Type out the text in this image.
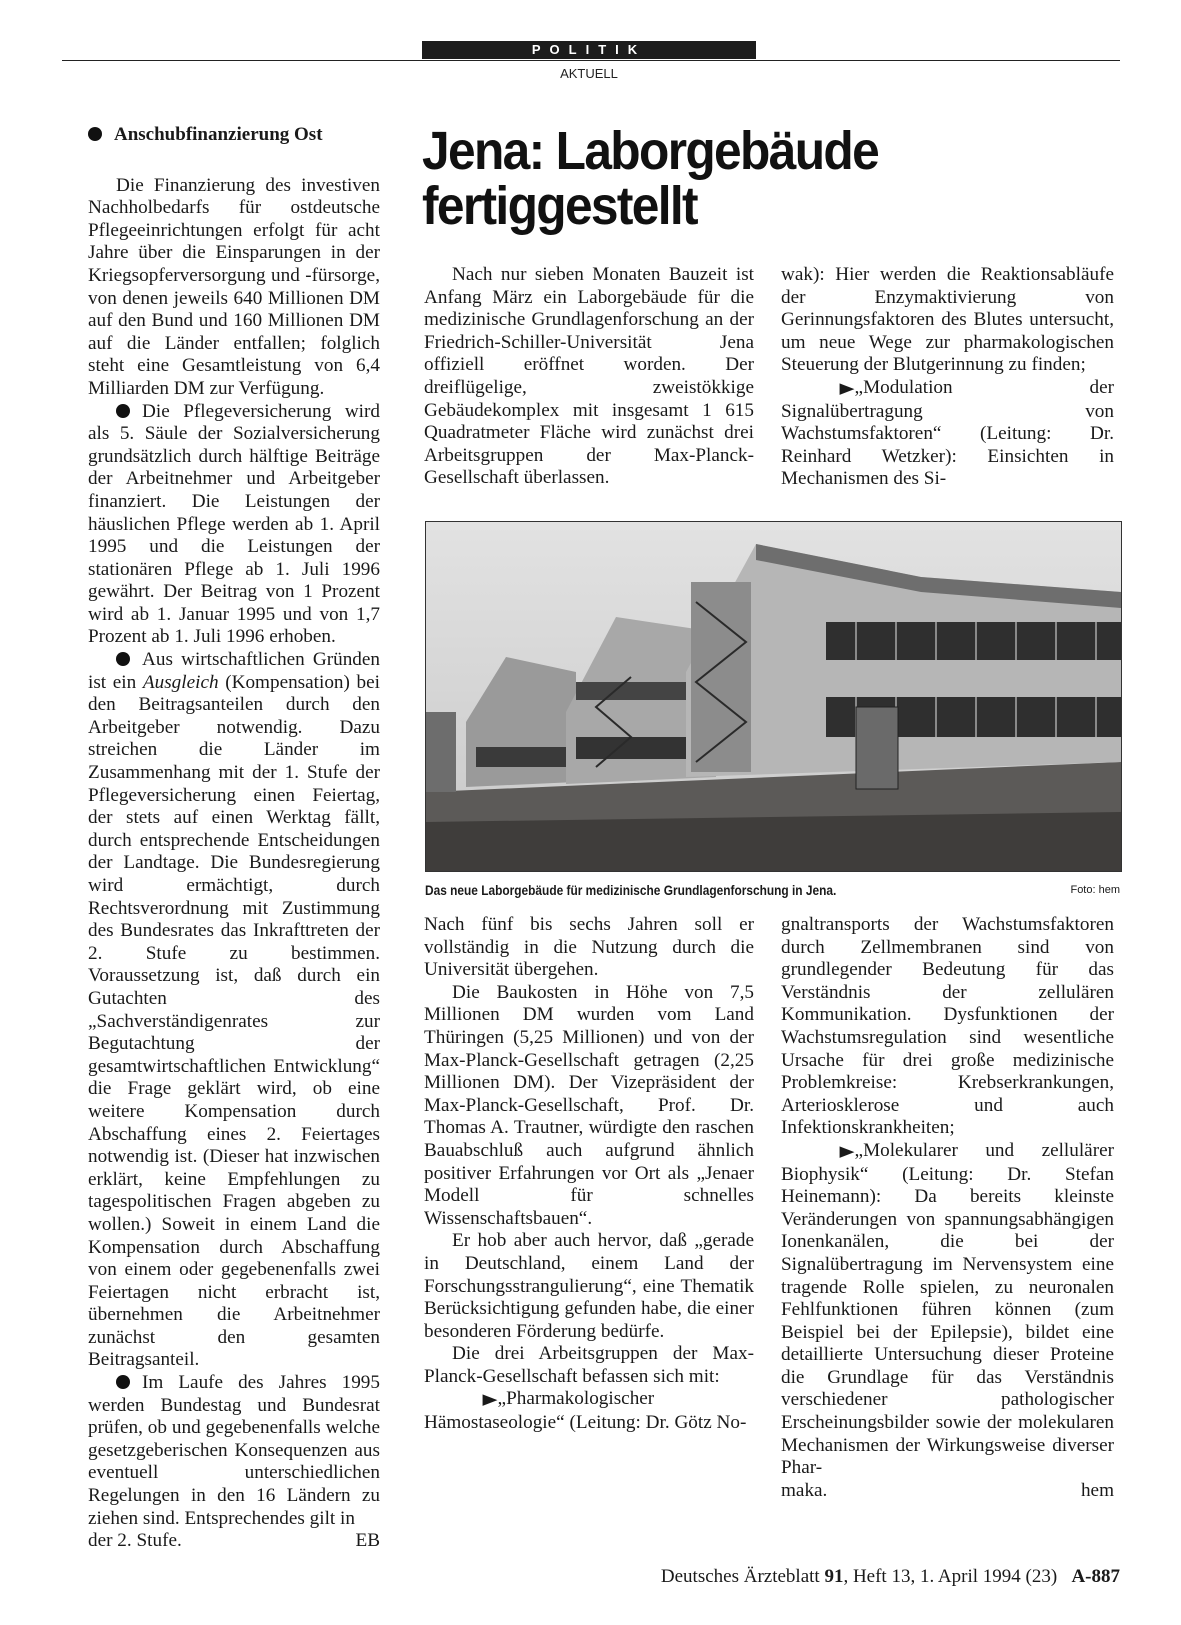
POLITIK
AKTUELL
Anschubfinanzierung Ost

Die Finanzierung des investiven Nachholbedarfs für ostdeutsche Pflegeeinrichtungen erfolgt für acht Jahre über die Einsparungen in der Kriegsopferversorgung und -fürsorge, von denen jeweils 640 Millionen DM auf den Bund und 160 Millionen DM auf die Länder entfallen; folglich steht eine Gesamtleistung von 6,4 Milliarden DM zur Verfügung.

Die Pflegeversicherung wird als 5. Säule der Sozialversicherung grundsätzlich durch hälftige Beiträge der Arbeitnehmer und Arbeitgeber finanziert. Die Leistungen der häuslichen Pflege werden ab 1. April 1995 und die Leistungen der stationären Pflege ab 1. Juli 1996 gewährt. Der Beitrag von 1 Prozent wird ab 1. Januar 1995 und von 1,7 Prozent ab 1. Juli 1996 erhoben.

Aus wirtschaftlichen Gründen ist ein Ausgleich (Kompensation) bei den Beitragsanteilen durch den Arbeitgeber notwendig. Dazu streichen die Länder im Zusammenhang mit der 1. Stufe der Pflegeversicherung einen Feiertag, der stets auf einen Werktag fällt, durch entsprechende Entscheidungen der Landtage. Die Bundesregierung wird ermächtigt, durch Rechtsverordnung mit Zustimmung des Bundesrates das Inkrafttreten der 2. Stufe zu bestimmen. Voraussetzung ist, daß durch ein Gutachten des „Sachverständigenrates zur Begutachtung der gesamtwirtschaftlichen Entwicklung“ die Frage geklärt wird, ob eine weitere Kompensation durch Abschaffung eines 2. Feiertages notwendig ist. (Dieser hat inzwischen erklärt, keine Empfehlungen zu tagespolitischen Fragen abgeben zu wollen.) Soweit in einem Land die Kompensation durch Abschaffung von einem oder gegebenenfalls zwei Feiertagen nicht erbracht ist, übernehmen die Arbeitnehmer zunächst den gesamten Beitragsanteil.

Im Laufe des Jahres 1995 werden Bundestag und Bundesrat prüfen, ob und gegebenenfalls welche gesetzgeberischen Konsequenzen aus eventuell unterschiedlichen Regelungen in den 16 Ländern zu ziehen sind. Entsprechendes gilt in

der 2. Stufe.	EB
Jena: Laborgebäude fertiggestellt

Nach nur sieben Monaten Bauzeit ist Anfang März ein Laborgebäude für die medizinische Grundlagenforschung an der Friedrich-Schiller-Universität Jena offiziell eröffnet worden. Der dreiflügelige, zweistökkige Gebäudekomplex mit insgesamt 1 615 Quadratmeter Fläche wird zunächst drei Arbeitsgruppen der Max-Planck-Gesellschaft überlassen.

wak): Hier werden die Reaktionsabläufe der Enzymaktivierung von Gerinnungsfaktoren des Blutes untersucht, um neue Wege zur pharmakologischen Steuerung der Blutgerinnung zu finden;

▶„Modulation der Signalübertragung von Wachstumsfaktoren“ (Leitung: Dr. Reinhard Wetzker): Einsichten in Mechanismen des Si-

Das neue Laborgebäude für medizinische Grundlagenforschung in Jena.	Foto: hem

Nach fünf bis sechs Jahren soll er vollständig in die Nutzung durch die Universität übergehen.

Die Baukosten in Höhe von 7,5 Millionen DM wurden vom Land Thüringen (5,25 Millionen) und von der Max-Planck-Gesellschaft getragen (2,25 Millionen DM). Der Vizepräsident der Max-Planck-Gesellschaft, Prof. Dr. Thomas A. Trautner, würdigte den raschen Bauabschluß auch aufgrund ähnlich positiver Erfahrungen vor Ort als „Jenaer Modell für schnelles Wissenschaftsbauen“.

Er hob aber auch hervor, daß „gerade in Deutschland, einem Land der Forschungsstrangulierung“, eine Thematik Berücksichtigung gefunden habe, die einer besonderen Förderung bedürfe.

Die drei Arbeitsgruppen der Max-Planck-Gesellschaft befassen sich mit:

▶„Pharmakologischer Hämostaseologie“ (Leitung: Dr. Götz No-

gnaltransports der Wachstumsfaktoren durch Zellmembranen sind von grundlegender Bedeutung für das Verständnis der zellulären Kommunikation. Dysfunktionen der Wachstumsregulation sind wesentliche Ursache für drei große medizinische Problemkreise: Krebserkrankungen, Arteriosklerose und auch Infektionskrankheiten;

▶„Molekularer und zellulärer Biophysik“ (Leitung: Dr. Stefan Heinemann): Da bereits kleinste Veränderungen von spannungsabhängigen Ionenkanälen, die bei der Signalübertragung im Nervensystem eine tragende Rolle spielen, zu neuronalen Fehlfunktionen führen können (zum Beispiel bei der Epilepsie), bildet eine detaillierte Untersuchung dieser Proteine die Grundlage für das Verständnis verschiedener pathologischer Erscheinungsbilder sowie der molekularen Mechanismen der Wirkungsweise diverser Phar-

maka.	hem
Deutsches Ärzteblatt 91, Heft 13, 1. April 1994 (23) A-887
